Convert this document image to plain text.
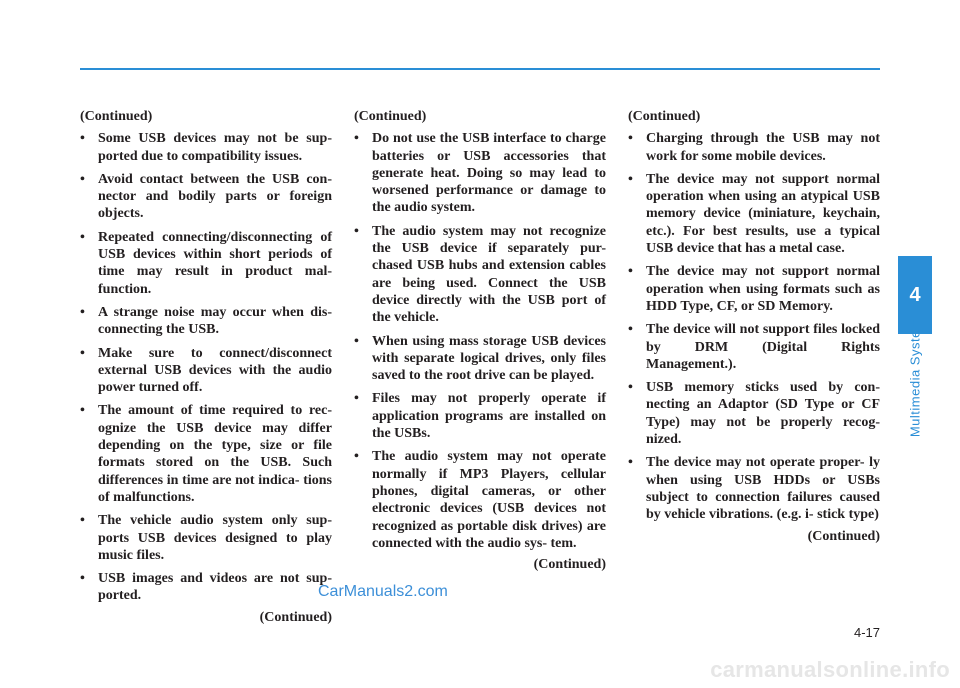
(Continued)
• Some USB devices may not be sup- ported due to compatibility issues.
• Avoid contact between the USB con- nector and bodily parts or foreign objects.
• Repeated connecting/disconnecting of USB devices within short periods of time may result in product mal- function.
• A strange noise may occur when dis- connecting the USB.
• Make sure to connect/disconnect external USB devices with the audio power turned off.
• The amount of time required to rec- ognize the USB device may differ depending on the type, size or file formats stored on the USB. Such differences in time are not indica- tions of malfunctions.
• The vehicle audio system only sup- ports USB devices designed to play music files.
• USB images and videos are not sup- ported.
(Continued)
(Continued)
• Do not use the USB interface to charge batteries or USB accessories that generate heat. Doing so may lead to worsened performance or damage to the audio system.
• The audio system may not recognize the USB device if separately pur- chased USB hubs and extension cables are being used. Connect the USB device directly with the USB port of the vehicle.
• When using mass storage USB devices with separate logical drives, only files saved to the root drive can be played.
• Files may not properly operate if application programs are installed on the USBs.
• The audio system may not operate normally if MP3 Players, cellular phones, digital cameras, or other electronic devices (USB devices not recognized as portable disk drives) are connected with the audio sys- tem.
(Continued)
(Continued)
• Charging through the USB may not work for some mobile devices.
• The device may not support normal operation when using an atypical USB memory device (miniature, keychain, etc.). For best results, use a typical USB device that has a metal case.
• The device may not support normal operation when using formats such as HDD Type, CF, or SD Memory.
• The device will not support files locked by DRM (Digital Rights Management.).
• USB memory sticks used by con- necting an Adaptor (SD Type or CF Type) may not be properly recog- nized.
• The device may not operate proper- ly when using USB HDDs or USBs subject to connection failures caused by vehicle vibrations. (e.g. i- stick type)
(Continued)
4
Multimedia System
4-17
CarManuals2.com
carmanualsonline.info
